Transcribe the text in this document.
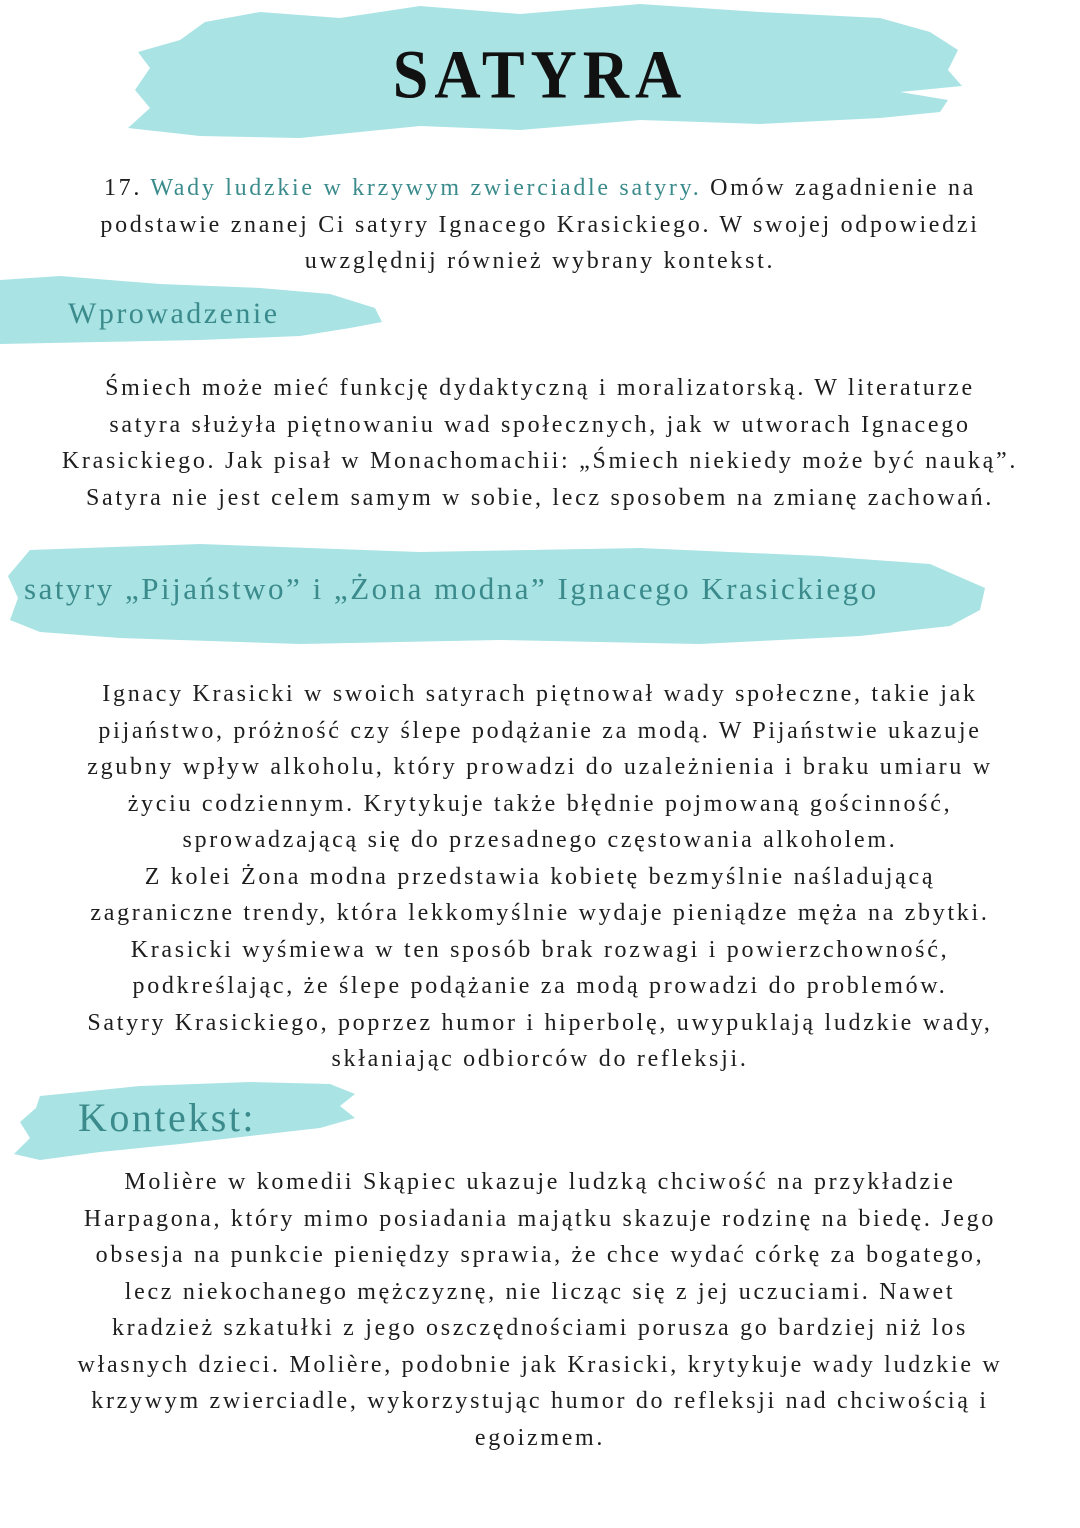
SATYRA
17. Wady ludzkie w krzywym zwierciadle satyry. Omów zagadnienie na
podstawie znanej Ci satyry Ignacego Krasickiego. W swojej odpowiedzi
uwzględnij również wybrany kontekst.
Wprowadzenie
Śmiech może mieć funkcję dydaktyczną i moralizatorską. W literaturze
satyra służyła piętnowaniu wad społecznych, jak w utworach Ignacego
Krasickiego. Jak pisał w Monachomachii: „Śmiech niekiedy może być nauką”.
Satyra nie jest celem samym w sobie, lecz sposobem na zmianę zachowań.
satyry „Pijaństwo” i „Żona modna” Ignacego Krasickiego
Ignacy Krasicki w swoich satyrach piętnował wady społeczne, takie jak
pijaństwo, próżność czy ślepe podążanie za modą. W Pijaństwie ukazuje
zgubny wpływ alkoholu, który prowadzi do uzależnienia i braku umiaru w
życiu codziennym. Krytykuje także błędnie pojmowaną gościnność,
sprowadzającą się do przesadnego częstowania alkoholem.
Z kolei Żona modna przedstawia kobietę bezmyślnie naśladującą
zagraniczne trendy, która lekkomyślnie wydaje pieniądze męża na zbytki.
Krasicki wyśmiewa w ten sposób brak rozwagi i powierzchowność,
podkreślając, że ślepe podążanie za modą prowadzi do problemów.
Satyry Krasickiego, poprzez humor i hiperbolę, uwypuklają ludzkie wady,
skłaniając odbiorców do refleksji.
Kontekst:
Molière w komedii Skąpiec ukazuje ludzką chciwość na przykładzie
Harpagona, który mimo posiadania majątku skazuje rodzinę na biedę. Jego
obsesja na punkcie pieniędzy sprawia, że chce wydać córkę za bogatego,
lecz niekochanego mężczyznę, nie licząc się z jej uczuciami. Nawet
kradzież szkatułki z jego oszczędnościami porusza go bardziej niż los
własnych dzieci. Molière, podobnie jak Krasicki, krytykuje wady ludzkie w
krzywym zwierciadle, wykorzystując humor do refleksji nad chciwością i
egoizmem.
